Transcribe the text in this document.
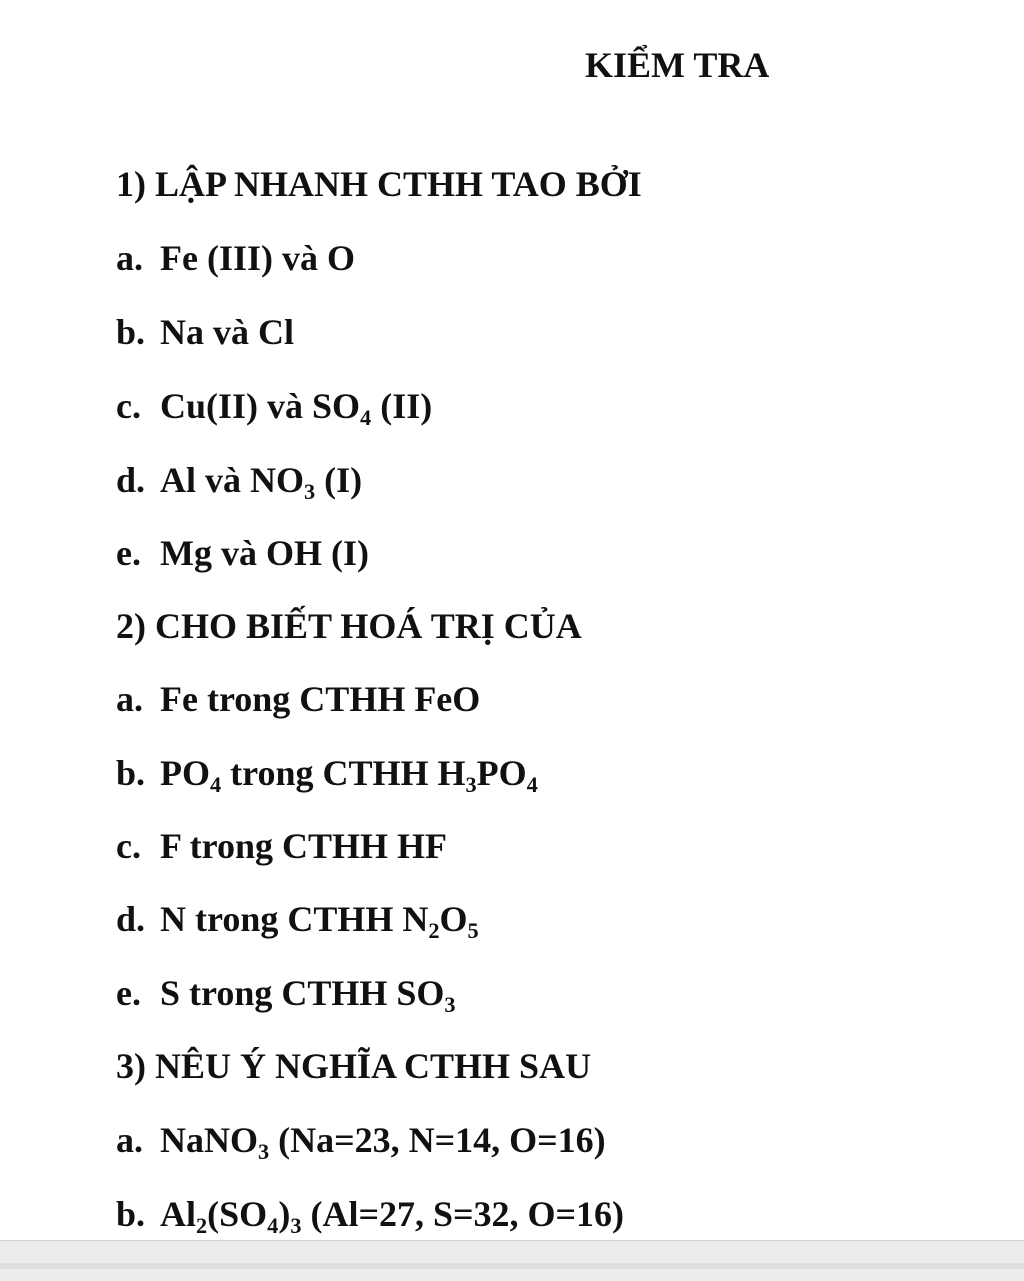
KIỂM TRA
1) LẬP NHANH CTHH TAO BỞI
a. Fe (III) và O
b. Na và Cl
c. Cu(II) và SO4 (II)
d. Al và NO3 (I)
e. Mg và OH (I)
2) CHO BIẾT HOÁ TRỊ CỦA
a. Fe trong CTHH FeO
b. PO4 trong CTHH H3PO4
c. F trong CTHH HF
d. N trong CTHH N2O5
e. S trong CTHH SO3
3) NÊU Ý NGHĨA CTHH SAU
a. NaNO3 (Na=23, N=14, O=16)
b. Al2(SO4)3 (Al=27, S=32, O=16)
